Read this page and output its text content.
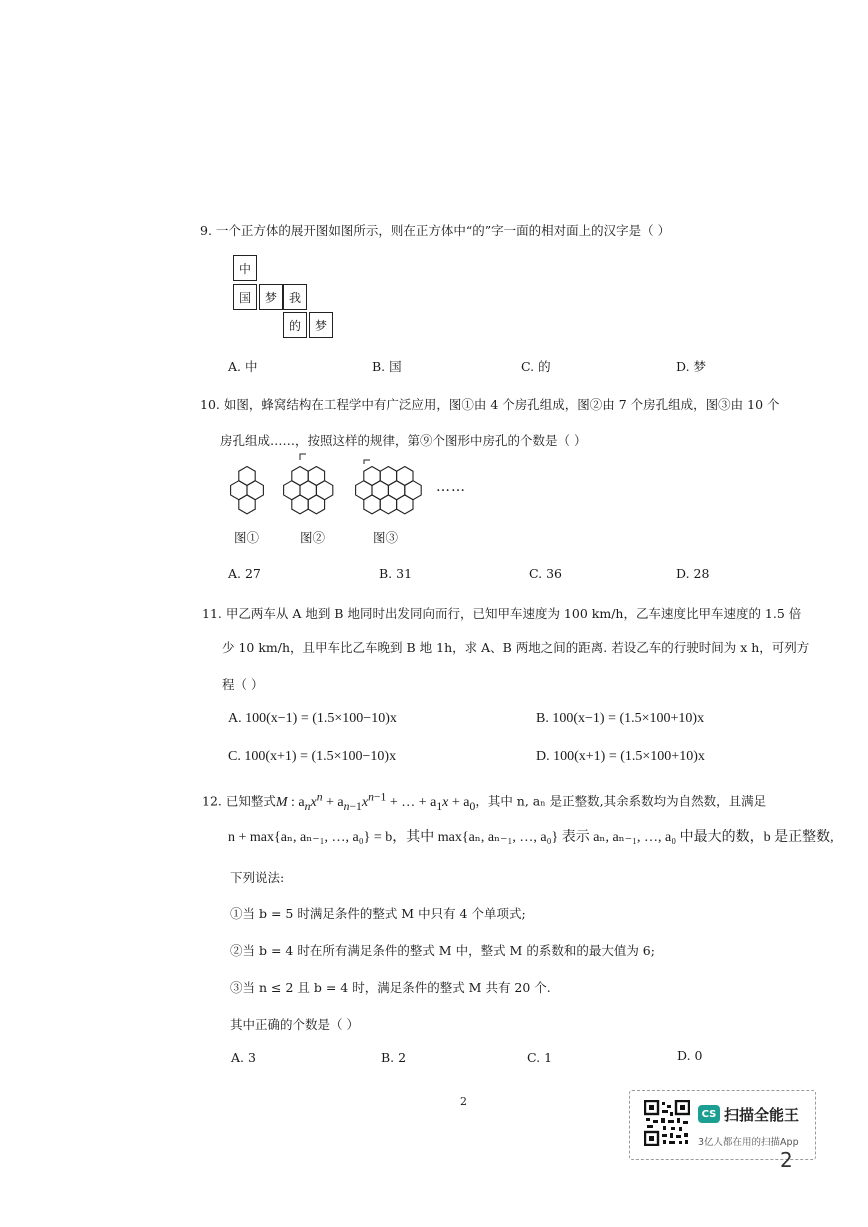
9. 一个正方体的展开图如图所示，则在正方体中“的”字一面的相对面上的汉字是（ ）
中
国	梦 我
的	梦
A. 中	B. 国	C. 的	D. 梦
10. 如图，蜂窝结构在工程学中有广泛应用，图①由 4 个房孔组成，图②由 7 个房孔组成，图③由 10 个
房孔组成……，按照这样的规律，第⑨个图形中房孔的个数是（ ）
……
图①	图②	图③
A. 27	B. 31	C. 36	D. 28
11. 甲乙两车从 A 地到 B 地同时出发同向而行，已知甲车速度为 100 km/h，乙车速度比甲车速度的 1.5 倍
少 10 km/h，且甲车比乙车晚到 B 地 1h，求 A、B 两地之间的距离. 若设乙车的行驶时间为 x h，可列方
程（ ）
A. 100(x−1) = (1.5×100−10)x	B. 100(x−1) = (1.5×100+10)x
C. 100(x+1) = (1.5×100−10)x	D. 100(x+1) = (1.5×100+10)x
12. 已知整式M : $a_nx^n + a_{n-1}x^{n-1}$ + … + $a_1x + a_0$，其中 n, aₙ 是正整数,其余系数均为自然数，且满足
n + max{aₙ, aₙ₋₁, …, a₀} = b，其中 max{aₙ, aₙ₋₁, …, a₀} 表示 aₙ, aₙ₋₁, …, a₀ 中最大的数，b 是正整数,
下列说法:
①当 b = 5 时满足条件的整式 M 中只有 4 个单项式;
②当 b = 4 时在所有满足条件的整式 M 中，整式 M 的系数和的最大值为 6;
③当 n ≤ 2 且 b = 4 时，满足条件的整式 M 共有 20 个.
其中正确的个数是（ ）
A. 3	B. 2	C. 1	D. 0
2
CS 扫描全能王
3亿人都在用的扫描App
2
